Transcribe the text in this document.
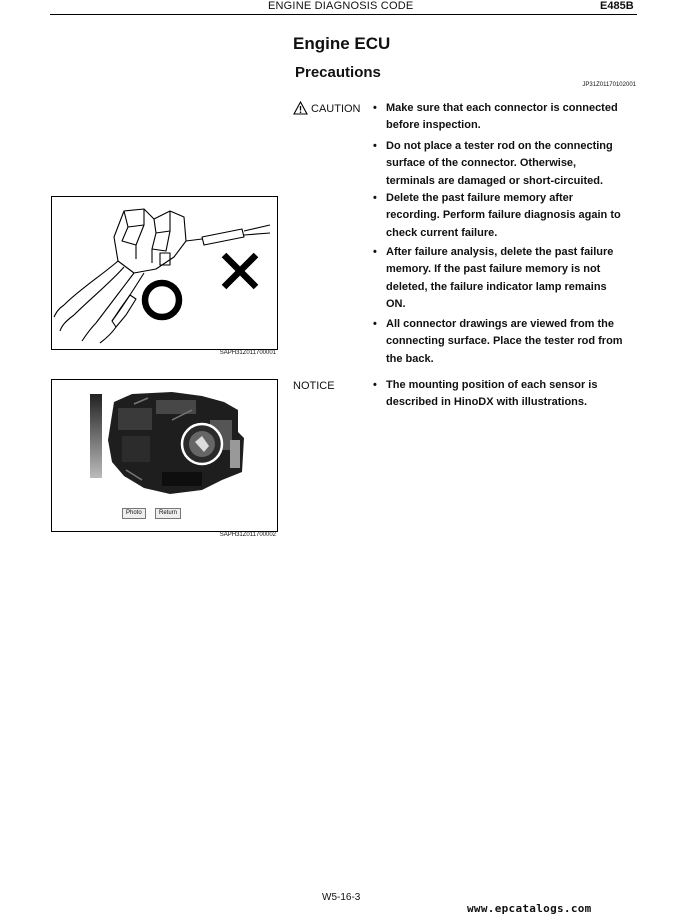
ENGINE DIAGNOSIS CODE	E485B
Engine ECU
Precautions
JP31Z01170102001
CAUTION • Make sure that each connector is connected
before inspection.
• Do not place a tester rod on the connecting
surface of the connector. Otherwise,
terminals are damaged or short-circuited.
• Delete the past failure memory after
recording. Perform failure diagnosis again to
check current failure.
• After failure analysis, delete the past failure
memory. If the past failure memory is not
deleted, the failure indicator lamp remains
ON.
• All connector drawings are viewed from the
connecting surface. Place the tester rod from
the back.
NOTICE	• The mounting position of each sensor is
described in HinoDX with illustrations.
SAPH31Z011700001
Photo	Return
SAPH31Z011700002
W5-16-3
www.epcatalogs.com
